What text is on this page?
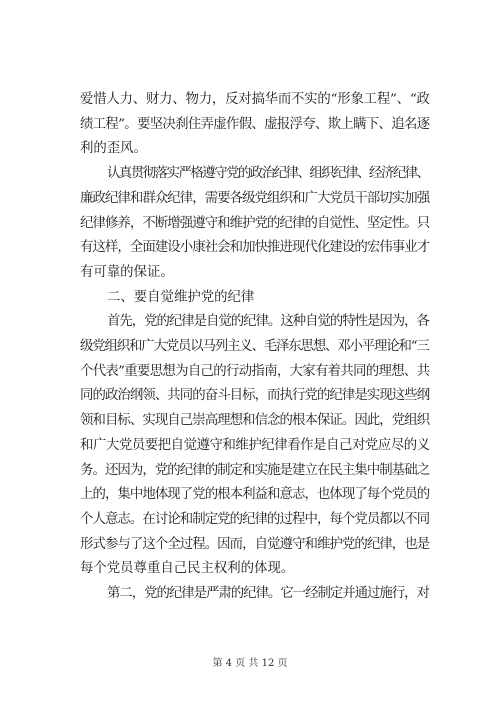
爱惜人力、财力、物力，反对搞华而不实的“形象工程”、“政
绩工程”。要坚决刹住弄虚作假、虚报浮夸、欺上瞒下、追名逐
利的歪风。

认真贯彻落实严格遵守党的政治纪律、组织纪律、经济纪律、
廉政纪律和群众纪律，需要各级党组织和广大党员干部切实加强
纪律修养，不断增强遵守和维护党的纪律的自觉性、坚定性。只
有这样，全面建设小康社会和加快推进现代化建设的宏伟事业才
有可靠的保证。

二、要自觉维护党的纪律

首先，党的纪律是自觉的纪律。这种自觉的特性是因为，各
级党组织和广大党员以马列主义、毛泽东思想、邓小平理论和“三
个代表”重要思想为自己的行动指南，大家有着共同的理想、共
同的政治纲领、共同的奋斗目标，而执行党的纪律是实现这些纲
领和目标、实现自己崇高理想和信念的根本保证。因此，党组织
和广大党员要把自觉遵守和维护纪律看作是自己对党应尽的义
务。还因为，党的纪律的制定和实施是建立在民主集中制基础之
上的，集中地体现了党的根本利益和意志，也体现了每个党员的
个人意志。在讨论和制定党的纪律的过程中，每个党员都以不同
形式参与了这个全过程。因而，自觉遵守和维护党的纪律，也是
每个党员尊重自己民主权利的体现。

第二，党的纪律是严肃的纪律。它一经制定并通过施行，对

第 4 页 共 12 页
